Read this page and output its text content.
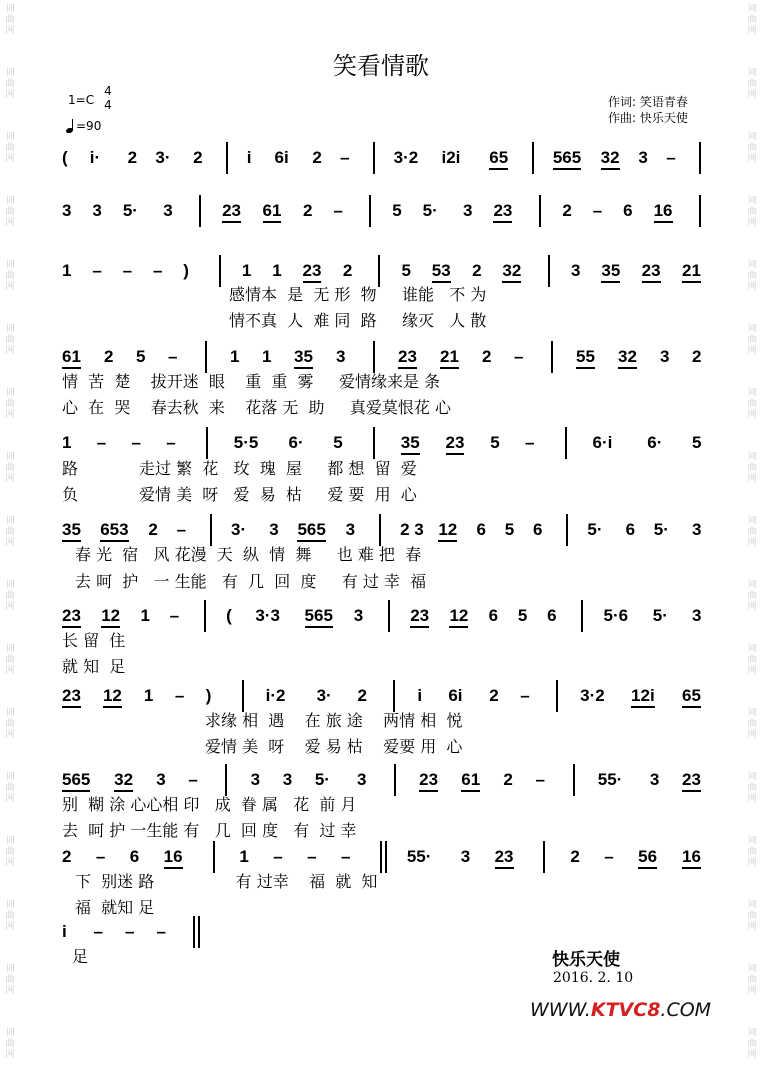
词
曲
网
词
曲
网
词
曲
网
词
曲
网
词
曲
网
词
曲
网
词
曲
网
词
曲
网
词
曲
网
词
曲
网
词
曲
网
词
曲
网
词
曲
网
词
曲
网
词
曲
网
词
曲
网
词
曲
网
词
曲
网
词
曲
网
词
曲
网
词
曲
网
词
曲
网
词
曲
网
词
曲
网
词
曲
网
词
曲
网
词
曲
网
词
曲
网
词
曲
网
词
曲
网
词
曲
网
词
曲
网
词
曲
网
词
曲
网
笑看情歌
1=C
4
4
=90
作词: 笑语青春
作曲: 快乐天使
( i· 2 3· 2	i 6i 2 –	3·2 i2i 65	565 32 3 –
3 3 5· 3	23 61 2 –	5 5· 3 23	2 – 6 16
1 – – – )	1 1 23 2	5 53 2 32	3 35 23 21
61 2 5 –	1 1 35 3	23 21 2 –	55 32 3 2
1 – – –	5·5 6· 5	35 23 5 –	6·i 6· 5
35 653 2 –	3· 3 565 3	2 3 12 6 5 6	5· 6 5· 3
23 12 1 –	( 3·3 565 3	23 12 6 5 6	5·6 5· 3
23 12 1 – )	i·2 3· 2	i 6i 2 –	3·2 12i 65
565 32 3 –	3 3 5· 3	23 61 2 –	55· 3 23
2 – 6 16	1 – – –	55· 3 23	2 – 56 16
i – – –
感情本  是  无 形  物     谁能   不 为
情不真  人  难 同  路     缘灭   人 散
情  苦  楚    拔开迷  眼    重  重  雾     爱情缘来是 条
心  在  哭    春去秋  来    花落 无  助     真爱莫恨花 心
路            走过 繁  花   玫  瑰  屋     都 想  留  爱
负            爱情 美  呀   爱  易  枯     爱 要  用  心
春 光  宿   风 花漫  天  纵  情  舞     也 难 把  春
去 呵  护   一 生能   有  几  回  度     有 过 幸  福
长 留  住
就 知  足
求缘 相  遇    在 旅 途    两情 相  悦
爱情 美  呀    爱 易 枯    爱要 用  心
别  糊 涂 心心相 印   成  眷 属   花  前 月
去  呵 护 一生能 有   几  回 度   有  过 幸
下  别迷 路                有 过幸    福  就  知
福  就知 足
足	快乐天使
2016. 2. 10
WWW.KTVC8.COM
